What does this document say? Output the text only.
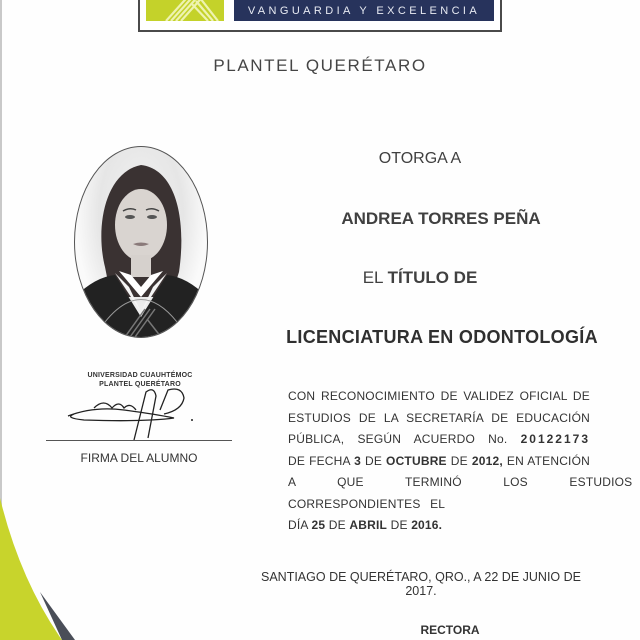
VANGUARDIA Y EXCELENCIA
PLANTEL QUERÉTARO
UNIVERSIDAD CUAUHTÉMOC
PLANTEL QUERÉTARO
FIRMA DEL ALUMNO
OTORGA A
ANDREA TORRES PEÑA
EL TÍTULO DE
LICENCIATURA EN ODONTOLOGÍA
CON RECONOCIMIENTO DE VALIDEZ OFICIAL DE
ESTUDIOS DE LA SECRETARÍA DE EDUCACIÓN
PÚBLICA, SEGÚN ACUERDO No. 20122173
DE FECHA 3 DE OCTUBRE DE 2012, EN ATENCIÓN
A QUE TERMINÓ LOS ESTUDIOS
CORRESPONDIENTES EL
DÍA 25 DE ABRIL DE 2016.
SANTIAGO DE QUERÉTARO, QRO., A 22 DE JUNIO DE 2017.
RECTORA
